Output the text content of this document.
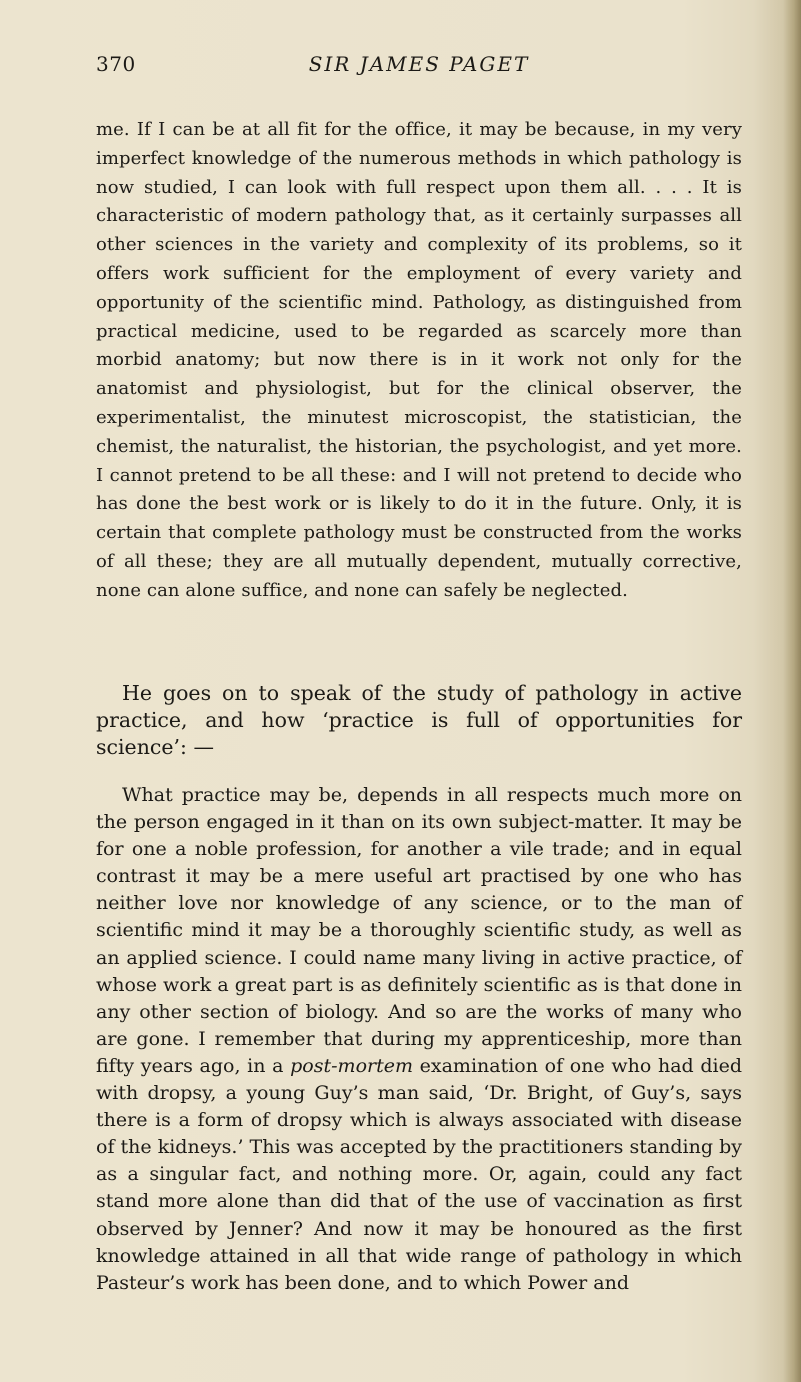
370	SIR JAMES PAGET

me. If I can be at all fit for the office, it may be because, in my very imperfect knowledge of the numerous methods in which pathology is now studied, I can look with full respect upon them all. . . . It is characteristic of modern pathology that, as it certainly surpasses all other sciences in the variety and complexity of its problems, so it offers work sufficient for the employment of every variety and opportunity of the scientific mind. Pathology, as distinguished from practical medicine, used to be regarded as scarcely more than morbid anatomy; but now there is in it work not only for the anatomist and physiologist, but for the clinical observer, the experimentalist, the minutest microscopist, the statistician, the chemist, the naturalist, the historian, the psychologist, and yet more. I cannot pretend to be all these: and I will not pretend to decide who has done the best work or is likely to do it in the future. Only, it is certain that complete pathology must be constructed from the works of all these; they are all mutually dependent, mutually corrective, none can alone suffice, and none can safely be neglected.

He goes on to speak of the study of pathology in active practice, and how ‘practice is full of opportunities for science’: —

What practice may be, depends in all respects much more on the person engaged in it than on its own subject-matter. It may be for one a noble profession, for another a vile trade; and in equal contrast it may be a mere useful art practised by one who has neither love nor knowledge of any science, or to the man of scientific mind it may be a thoroughly scientific study, as well as an applied science. I could name many living in active practice, of whose work a great part is as definitely scientific as is that done in any other section of biology. And so are the works of many who are gone. I remember that during my apprenticeship, more than fifty years ago, in a post-mortem examination of one who had died with dropsy, a young Guy’s man said, ‘Dr. Bright, of Guy’s, says there is a form of dropsy which is always associated with disease of the kidneys.’ This was accepted by the practitioners standing by as a singular fact, and nothing more. Or, again, could any fact stand more alone than did that of the use of vaccination as first observed by Jenner? And now it may be honoured as the first knowledge attained in all that wide range of pathology in which Pasteur’s work has been done, and to which Power and
